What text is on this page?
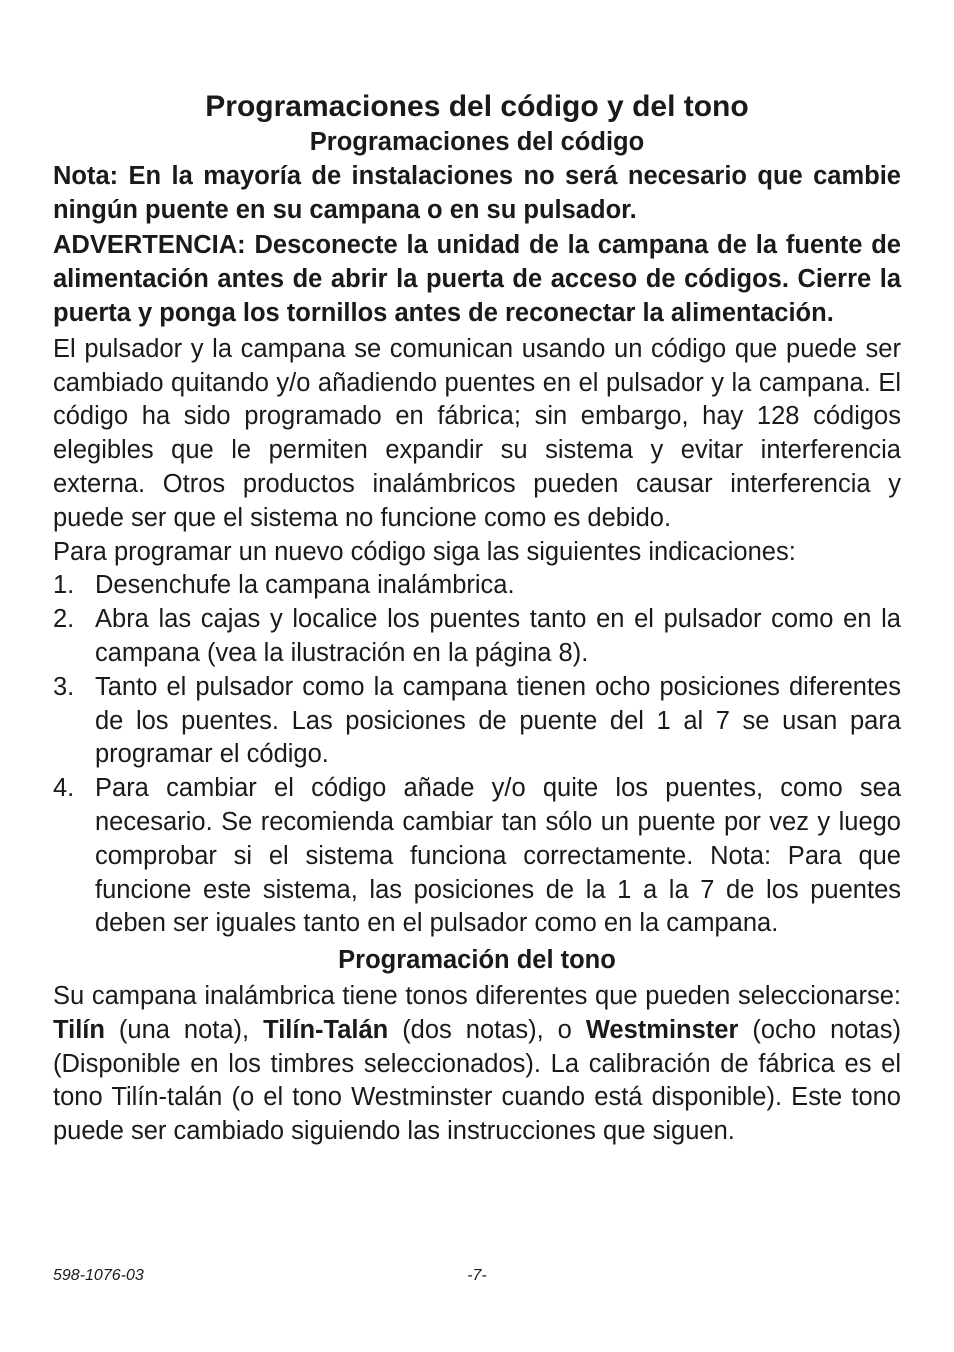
Programaciones del código y del tono
Programaciones del código

Nota: En la mayoría de instalaciones no será necesario que cambie ningún puente en su campana o en su pulsador.

ADVERTENCIA: Desconecte la unidad de la campana de la fuente de alimentación antes de abrir la puerta de acceso de códigos. Cierre la puerta y ponga los tornillos antes de reconectar la alimentación.

El pulsador y la campana se comunican usando un código que puede ser cambiado quitando y/o añadiendo puentes en el pulsador y la campana. El código ha sido programado en fábrica; sin embargo, hay 128 códigos elegibles que le permiten expandir su sistema y evitar interferencia externa. Otros productos inalámbricos pueden causar interferencia y puede ser que el sistema no funcione como es debido.

Para programar un nuevo código siga las siguientes indicaciones:

1. Desenchufe la campana inalámbrica.
2. Abra las cajas y localice los puentes tanto en el pulsador como en la campana (vea la ilustración en la página 8).
3. Tanto el pulsador como la campana tienen ocho posiciones diferentes de los puentes. Las posiciones de puente del 1 al 7 se usan para programar el código.
4. Para cambiar el código añade y/o quite los puentes, como sea necesario. Se recomienda cambiar tan sólo un puente por vez y luego comprobar si el sistema funciona correctamente. Nota: Para que funcione este sistema, las posiciones de la 1 a la 7 de los puentes deben ser iguales tanto en el pulsador como en la campana.
Programación del tono

Su campana inalámbrica tiene tonos diferentes que pueden seleccionarse: Tilín (una nota), Tilín-Talán (dos notas), o Westminster (ocho notas) (Disponible en los timbres seleccionados). La calibración de fábrica es el tono Tilín-talán (o el tono Westminster cuando está disponible). Este tono puede ser cambiado siguiendo las instrucciones que siguen.

-7-
598-1076-03
